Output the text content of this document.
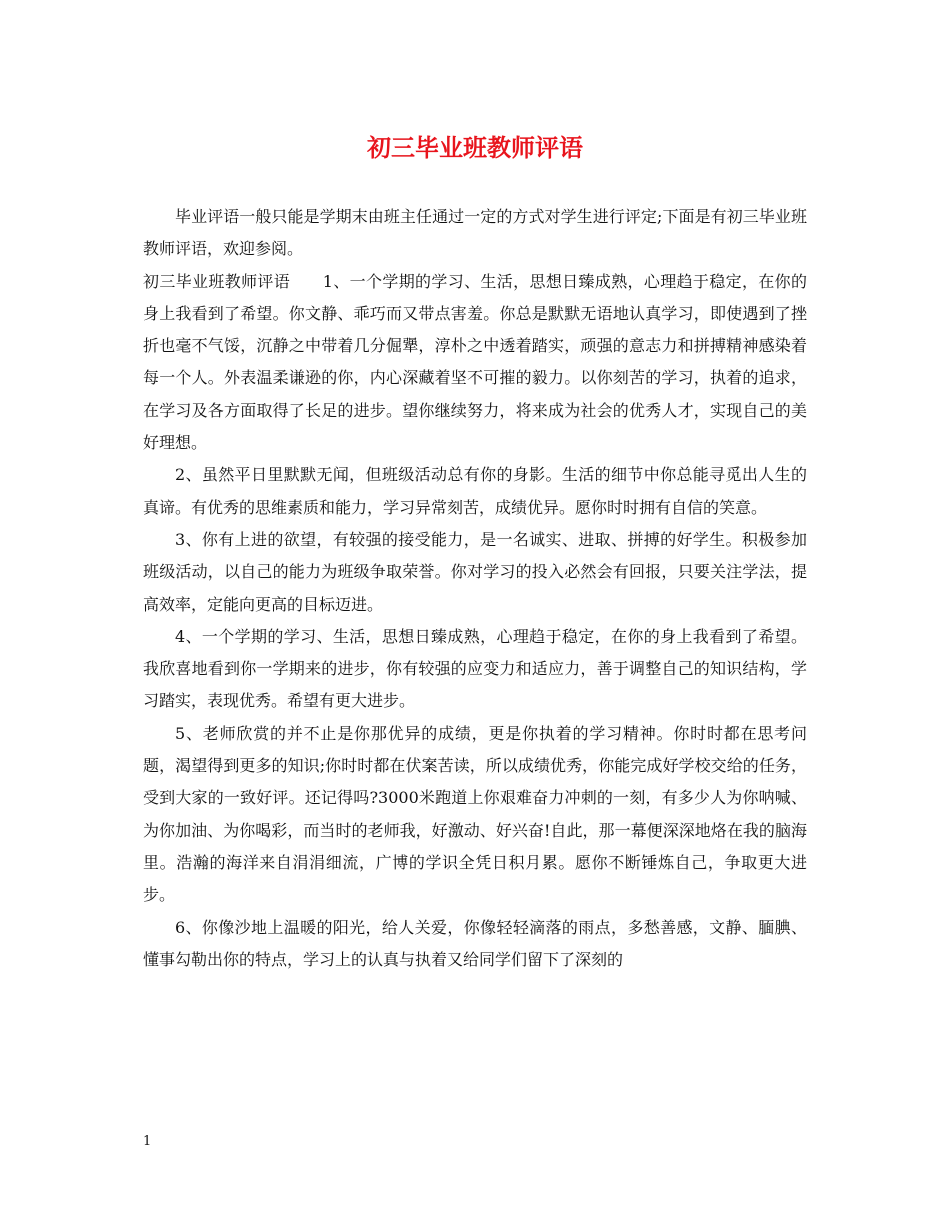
初三毕业班教师评语

毕业评语一般只能是学期末由班主任通过一定的方式对学生进行评定;下面是有初三毕业班教师评语，欢迎参阅。

初三毕业班教师评语　　1、一个学期的学习、生活，思想日臻成熟，心理趋于稳定，在你的身上我看到了希望。你文静、乖巧而又带点害羞。你总是默默无语地认真学习，即使遇到了挫折也毫不气馁，沉静之中带着几分倔犟，淳朴之中透着踏实，顽强的意志力和拼搏精神感染着每一个人。外表温柔谦逊的你，内心深藏着坚不可摧的毅力。以你刻苦的学习，执着的追求，在学习及各方面取得了长足的进步。望你继续努力，将来成为社会的优秀人才，实现自己的美好理想。

2、虽然平日里默默无闻，但班级活动总有你的身影。生活的细节中你总能寻觅出人生的真谛。有优秀的思维素质和能力，学习异常刻苦，成绩优异。愿你时时拥有自信的笑意。

3、你有上进的欲望，有较强的接受能力，是一名诚实、进取、拼搏的好学生。积极参加班级活动，以自己的能力为班级争取荣誉。你对学习的投入必然会有回报，只要关注学法，提高效率，定能向更高的目标迈进。

4、一个学期的学习、生活，思想日臻成熟，心理趋于稳定，在你的身上我看到了希望。我欣喜地看到你一学期来的进步，你有较强的应变力和适应力，善于调整自己的知识结构，学习踏实，表现优秀。希望有更大进步。

5、老师欣赏的并不止是你那优异的成绩，更是你执着的学习精神。你时时都在思考问题，渴望得到更多的知识;你时时都在伏案苦读，所以成绩优秀，你能完成好学校交给的任务，受到大家的一致好评。还记得吗?3000米跑道上你艰难奋力冲刺的一刻，有多少人为你呐喊、为你加油、为你喝彩，而当时的老师我，好激动、好兴奋!自此，那一幕便深深地烙在我的脑海里。浩瀚的海洋来自涓涓细流，广博的学识全凭日积月累。愿你不断锤炼自己，争取更大进步。

6、你像沙地上温暖的阳光，给人关爱，你像轻轻滴落的雨点，多愁善感，文静、腼腆、懂事勾勒出你的特点，学习上的认真与执着又给同学们留下了深刻的

1
